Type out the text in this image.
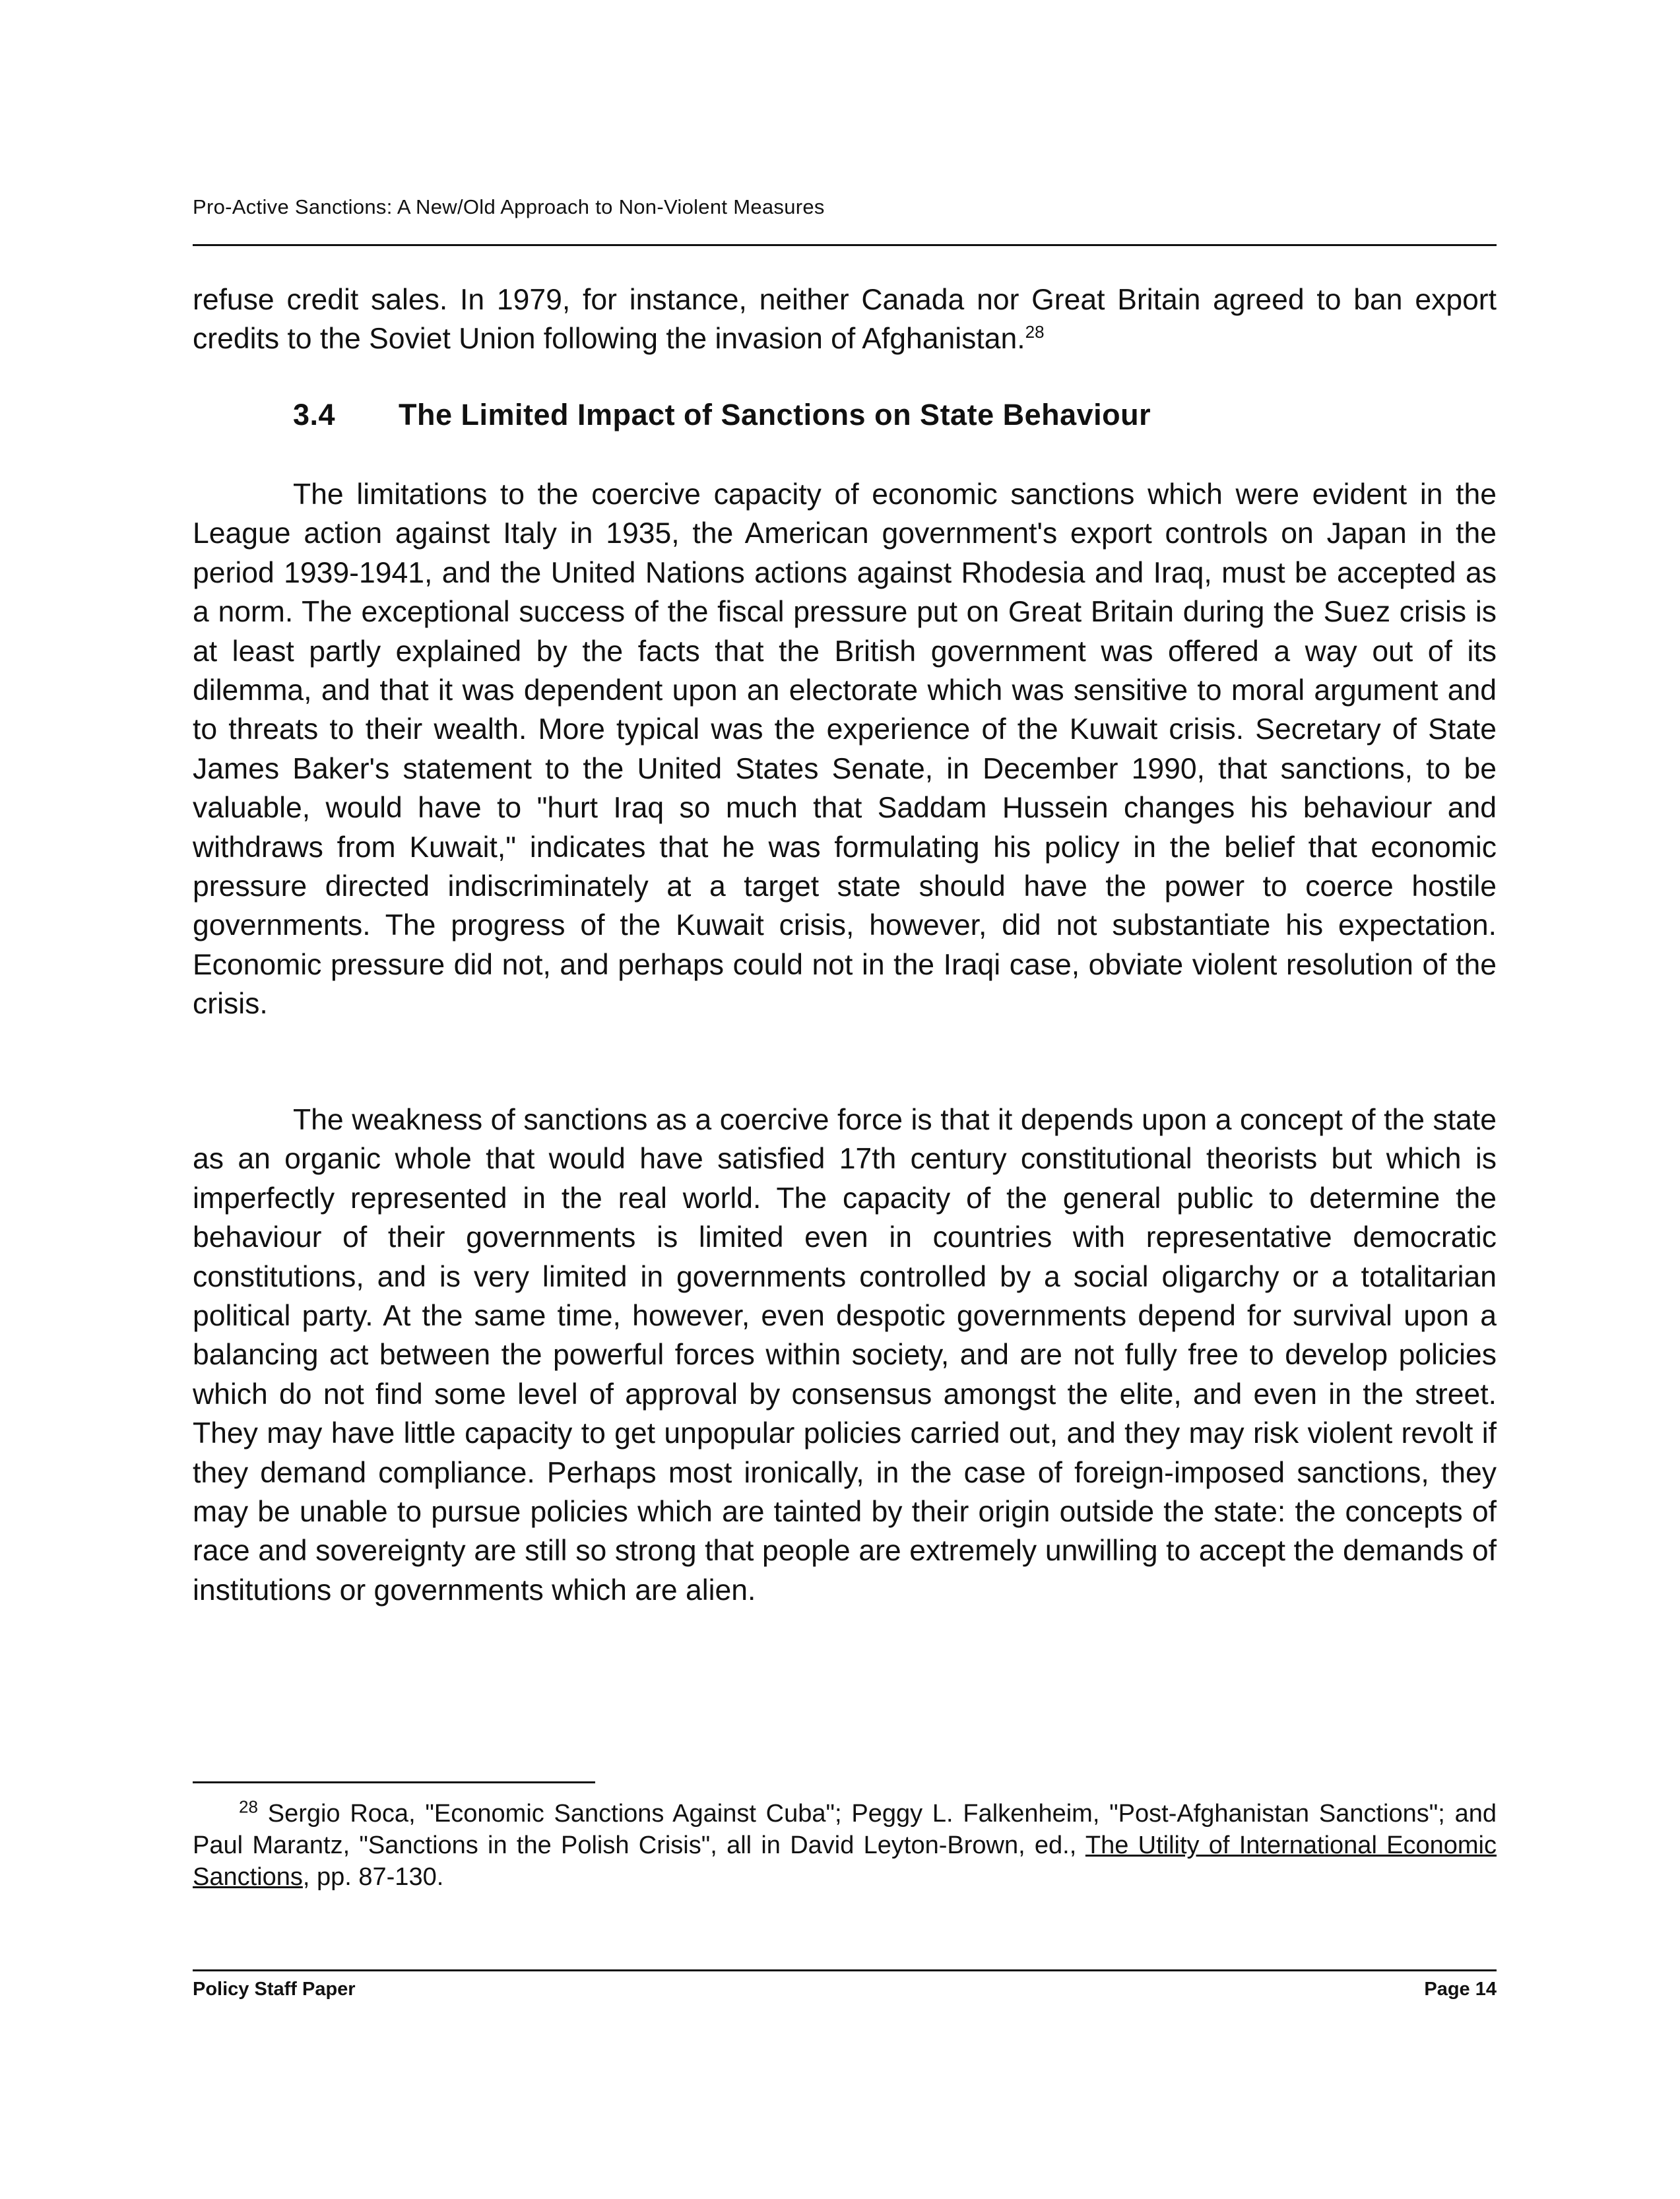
Pro-Active Sanctions: A New/Old Approach to Non-Violent Measures

refuse credit sales. In 1979, for instance, neither Canada nor Great Britain agreed to ban export credits to the Soviet Union following the invasion of Afghanistan.$^{28}$

3.4 The Limited Impact of Sanctions on State Behaviour

The limitations to the coercive capacity of economic sanctions which were evident in the League action against Italy in 1935, the American government's export controls on Japan in the period 1939-1941, and the United Nations actions against Rhodesia and Iraq, must be accepted as a norm. The exceptional success of the fiscal pressure put on Great Britain during the Suez crisis is at least partly explained by the facts that the British government was offered a way out of its dilemma, and that it was dependent upon an electorate which was sensitive to moral argument and to threats to their wealth. More typical was the experience of the Kuwait crisis. Secretary of State James Baker's statement to the United States Senate, in December 1990, that sanctions, to be valuable, would have to "hurt Iraq so much that Saddam Hussein changes his behaviour and withdraws from Kuwait," indicates that he was formulating his policy in the belief that economic pressure directed indiscriminately at a target state should have the power to coerce hostile governments. The progress of the Kuwait crisis, however, did not substantiate his expectation. Economic pressure did not, and perhaps could not in the Iraqi case, obviate violent resolution of the crisis.

The weakness of sanctions as a coercive force is that it depends upon a concept of the state as an organic whole that would have satisfied 17th century constitutional theorists but which is imperfectly represented in the real world. The capacity of the general public to determine the behaviour of their governments is limited even in countries with representative democratic constitutions, and is very limited in governments controlled by a social oligarchy or a totalitarian political party. At the same time, however, even despotic governments depend for survival upon a balancing act between the powerful forces within society, and are not fully free to develop policies which do not find some level of approval by consensus amongst the elite, and even in the street. They may have little capacity to get unpopular policies carried out, and they may risk violent revolt if they demand compliance. Perhaps most ironically, in the case of foreign-imposed sanctions, they may be unable to pursue policies which are tainted by their origin outside the state: the concepts of race and sovereignty are still so strong that people are extremely unwilling to accept the demands of institutions or governments which are alien.

$^{28}$ Sergio Roca, "Economic Sanctions Against Cuba"; Peggy L. Falkenheim, "Post-Afghanistan Sanctions"; and Paul Marantz, "Sanctions in the Polish Crisis", all in David Leyton-Brown, ed., The Utility of International Economic Sanctions, pp. 87-130.

Policy Staff Paper	Page 14
